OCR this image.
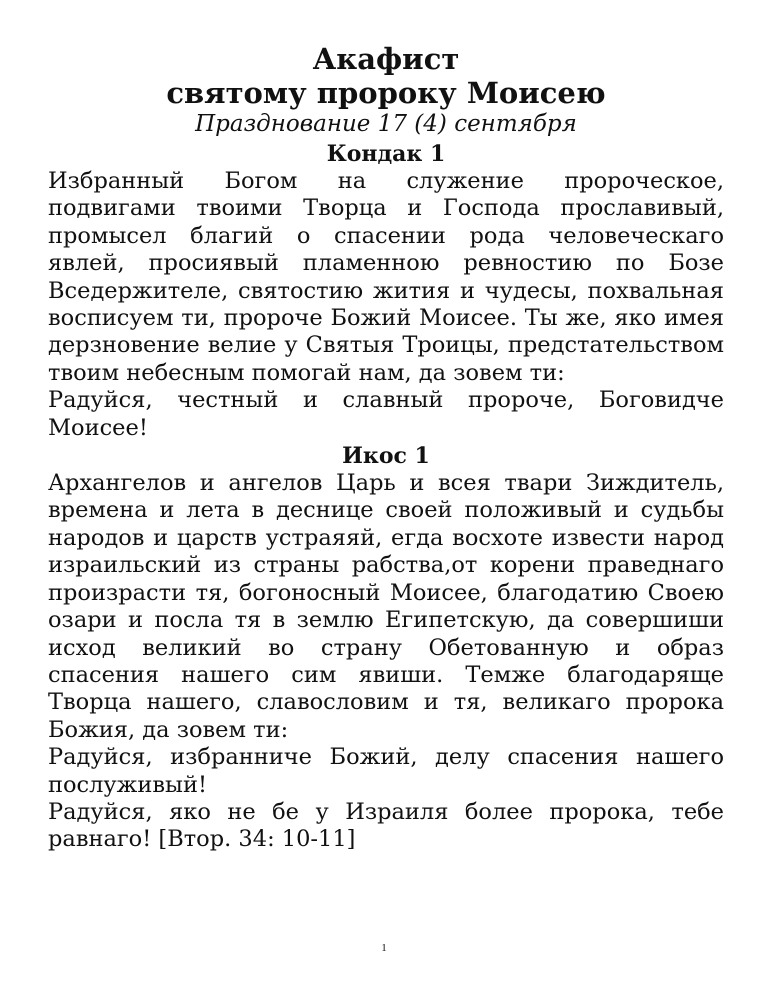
Акафист
святому пророку Моисею

Празднование 17 (4) сентября

Кондак 1

Избранный Богом на служение пророческое, подвигами твоими Творца и Господа прославивый, промысел благий о спасении рода человеческаго явлей, просиявый пламенною ревностию по Бозе Вседержителе, святостию жития и чудесы, похвальная восписуем ти, пророче Божий Моисее. Ты же, яко имея дерзновение велие у Святыя Троицы, предстательством твоим небесным помогай нам, да зовем ти:

Радуйся, честный и славный пророче, Боговидче Моисее!

Икос 1

Архангелов и ангелов Царь и всея твари Зиждитель, времена и лета в деснице своей положивый и судьбы народов и царств устраяяй, егда восхоте извести народ израильский из страны рабства,от корени праведнаго произрасти тя, богоносный Моисее, благодатию Своею озари и посла тя в землю Египетскую, да совершиши исход великий во страну Обетованную и образ спасения нашего сим явиши. Темже благодаряще Творца нашего, славословим и тя, великаго пророка Божия, да зовем ти:

Радуйся, избранниче Божий, делу спасения нашего послуживый!

Радуйся, яко не бе у Израиля более пророка, тебе равнаго! [Втор. 34: 10-11]

1
